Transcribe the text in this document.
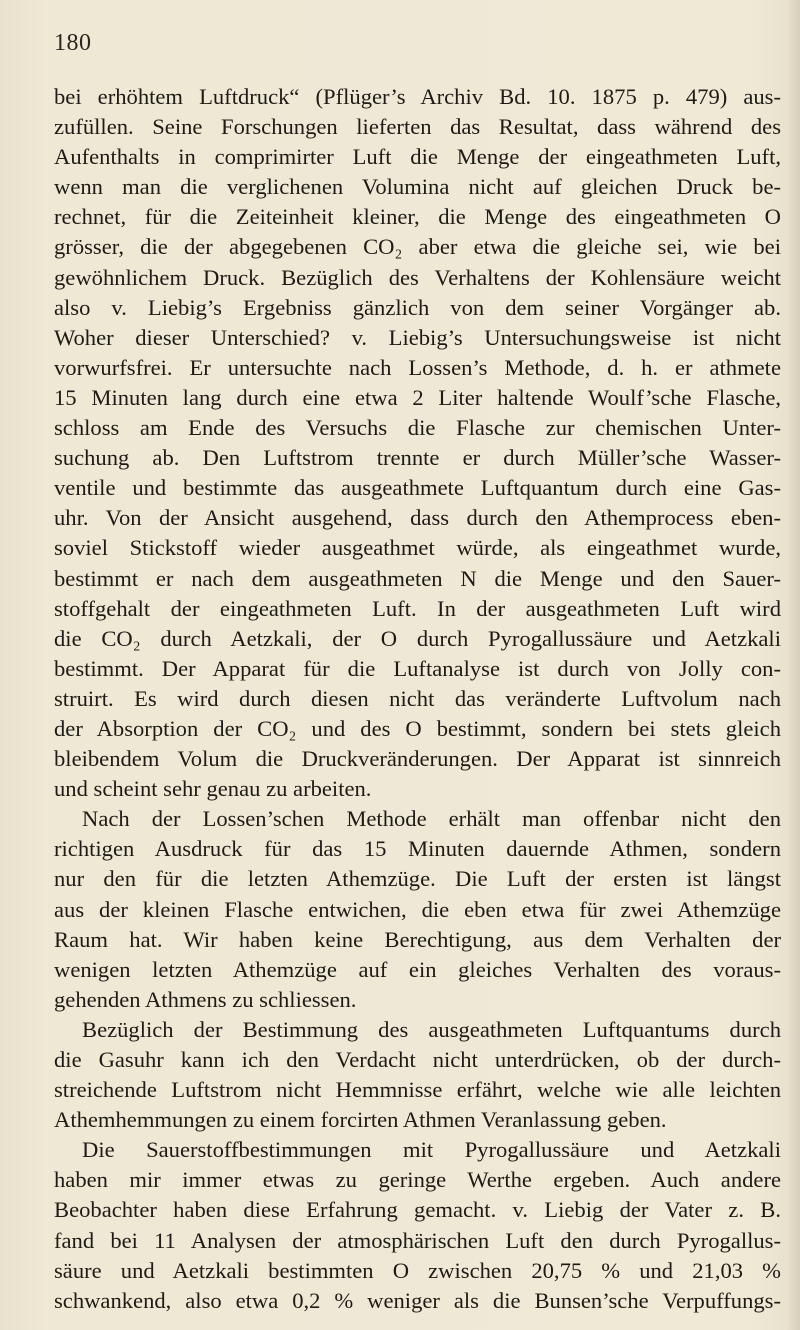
180
bei erhöhtem Luftdruck“ (Pflüger’s Archiv Bd. 10. 1875 p. 479) aus-
zufüllen. Seine Forschungen lieferten das Resultat, dass während des
Aufenthalts in comprimirter Luft die Menge der eingeathmeten Luft,
wenn man die verglichenen Volumina nicht auf gleichen Druck be-
rechnet, für die Zeiteinheit kleiner, die Menge des eingeathmeten O
grösser, die der abgegebenen CO₂ aber etwa die gleiche sei, wie bei
gewöhnlichem Druck. Bezüglich des Verhaltens der Kohlensäure weicht
also v. Liebig’s Ergebniss gänzlich von dem seiner Vorgänger ab.
Woher dieser Unterschied? v. Liebig’s Untersuchungsweise ist nicht
vorwurfsfrei. Er untersuchte nach Lossen’s Methode, d. h. er athmete
15 Minuten lang durch eine etwa 2 Liter haltende Woulf’sche Flasche,
schloss am Ende des Versuchs die Flasche zur chemischen Unter-
suchung ab. Den Luftstrom trennte er durch Müller’sche Wasser-
ventile und bestimmte das ausgeathmete Luftquantum durch eine Gas-
uhr. Von der Ansicht ausgehend, dass durch den Athemprocess eben-
soviel Stickstoff wieder ausgeathmet würde, als eingeathmet wurde,
bestimmt er nach dem ausgeathmeten N die Menge und den Sauer-
stoffgehalt der eingeathmeten Luft. In der ausgeathmeten Luft wird
die CO₂ durch Aetzkali, der O durch Pyrogallussäure und Aetzkali
bestimmt. Der Apparat für die Luftanalyse ist durch von Jolly con-
struirt. Es wird durch diesen nicht das veränderte Luftvolum nach
der Absorption der CO₂ und des O bestimmt, sondern bei stets gleich
bleibendem Volum die Druckveränderungen. Der Apparat ist sinnreich
und scheint sehr genau zu arbeiten.
Nach der Lossen’schen Methode erhält man offenbar nicht den
richtigen Ausdruck für das 15 Minuten dauernde Athmen, sondern
nur den für die letzten Athemzüge. Die Luft der ersten ist längst
aus der kleinen Flasche entwichen, die eben etwa für zwei Athemzüge
Raum hat. Wir haben keine Berechtigung, aus dem Verhalten der
wenigen letzten Athemzüge auf ein gleiches Verhalten des voraus-
gehenden Athmens zu schliessen.
Bezüglich der Bestimmung des ausgeathmeten Luftquantums durch
die Gasuhr kann ich den Verdacht nicht unterdrücken, ob der durch-
streichende Luftstrom nicht Hemmnisse erfährt, welche wie alle leichten
Athemhemmungen zu einem forcirten Athmen Veranlassung geben.
Die Sauerstoffbestimmungen mit Pyrogallussäure und Aetzkali
haben mir immer etwas zu geringe Werthe ergeben. Auch andere
Beobachter haben diese Erfahrung gemacht. v. Liebig der Vater z. B.
fand bei 11 Analysen der atmosphärischen Luft den durch Pyrogallus-
säure und Aetzkali bestimmten O zwischen 20,75 % und 21,03 %
schwankend, also etwa 0,2 % weniger als die Bunsen’sche Verpuffungs-
